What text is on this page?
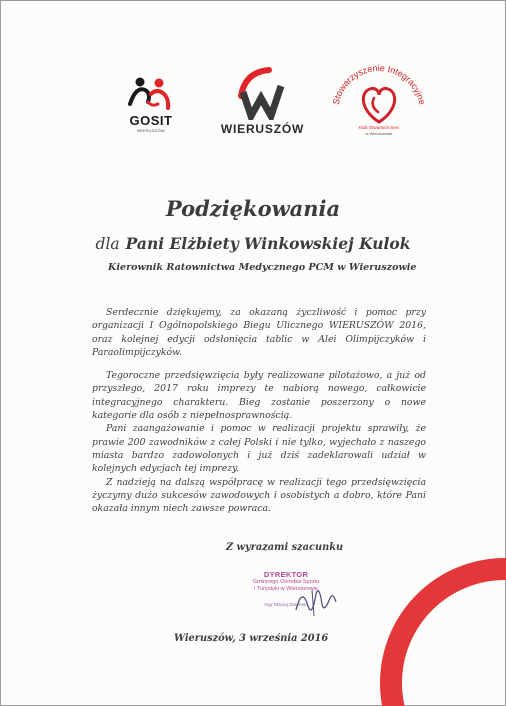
GOSIT
WIERUSZÓW	WIERUSZÓW
Stowarzyszenie Integracyjne
Klub Otwartych Serc
w Wieruszowie
Podziękowania
dla Pani Elżbiety Winkowskiej Kulok
Kierownik Ratownictwa Medycznego PCM w Wieruszowie

Serdecznie dziękujemy, za okazaną życzliwość i pomoc przy organizacji I Ogólnopolskiego Biegu Ulicznego WIERUSZÓW 2016, oraz kolejnej edycji odsłonięcia tablic w Alei Olimpijczyków i Paraolimpijczyków.

Tegoroczne przedsięwzięcia były realizowane pilotażowo, a już od przyszłego, 2017 roku imprezy te nabiorą nowego, całkowicie integracyjnego charakteru. Bieg zostanie poszerzony o nowe kategorie dla osób z niepełnosprawnością.

Pani zaangażowanie i pomoc w realizacji projektu sprawiły, że prawie 200 zawodników z całej Polski i nie tylko, wyjechało z naszego miasta bardzo zadowolonych i już dziś zadeklarowali udział w kolejnych edycjach tej imprezy.

Z nadzieją na dalszą współpracę w realizacji tego przedsięwzięcia życzymy dużo sukcesów zawodowych i osobistych a dobro, które Pani okazała innym niech zawsze powraca.

Z wyrazami szacunku
DYREKTOR
Gminnego Ośrodka Sportu
i Turystyki w Wieruszowie
mgr Maciej Zarębski
Wieruszów, 3 września 2016
